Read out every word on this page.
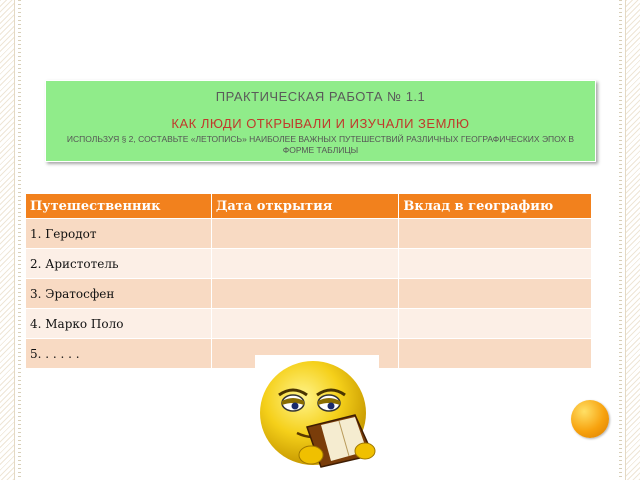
ПРАКТИЧЕСКАЯ РАБОТА № 1.1
КАК ЛЮДИ ОТКРЫВАЛИ И ИЗУЧАЛИ ЗЕМЛЮ
ИСПОЛЬЗУЯ § 2, СОСТАВЬТЕ «ЛЕТОПИСЬ» НАИБОЛЕЕ ВАЖНЫХ ПУТЕШЕСТВИЙ РАЗЛИЧНЫХ ГЕОГРАФИЧЕСКИХ ЭПОХ В ФОРМЕ ТАБЛИЦЫ
Путешественник	Дата открытия	Вклад в географию
1. Геродот		
2. Аристотель		
3. Эратосфен		
4. Марко Поло		
5. . . . . .		
